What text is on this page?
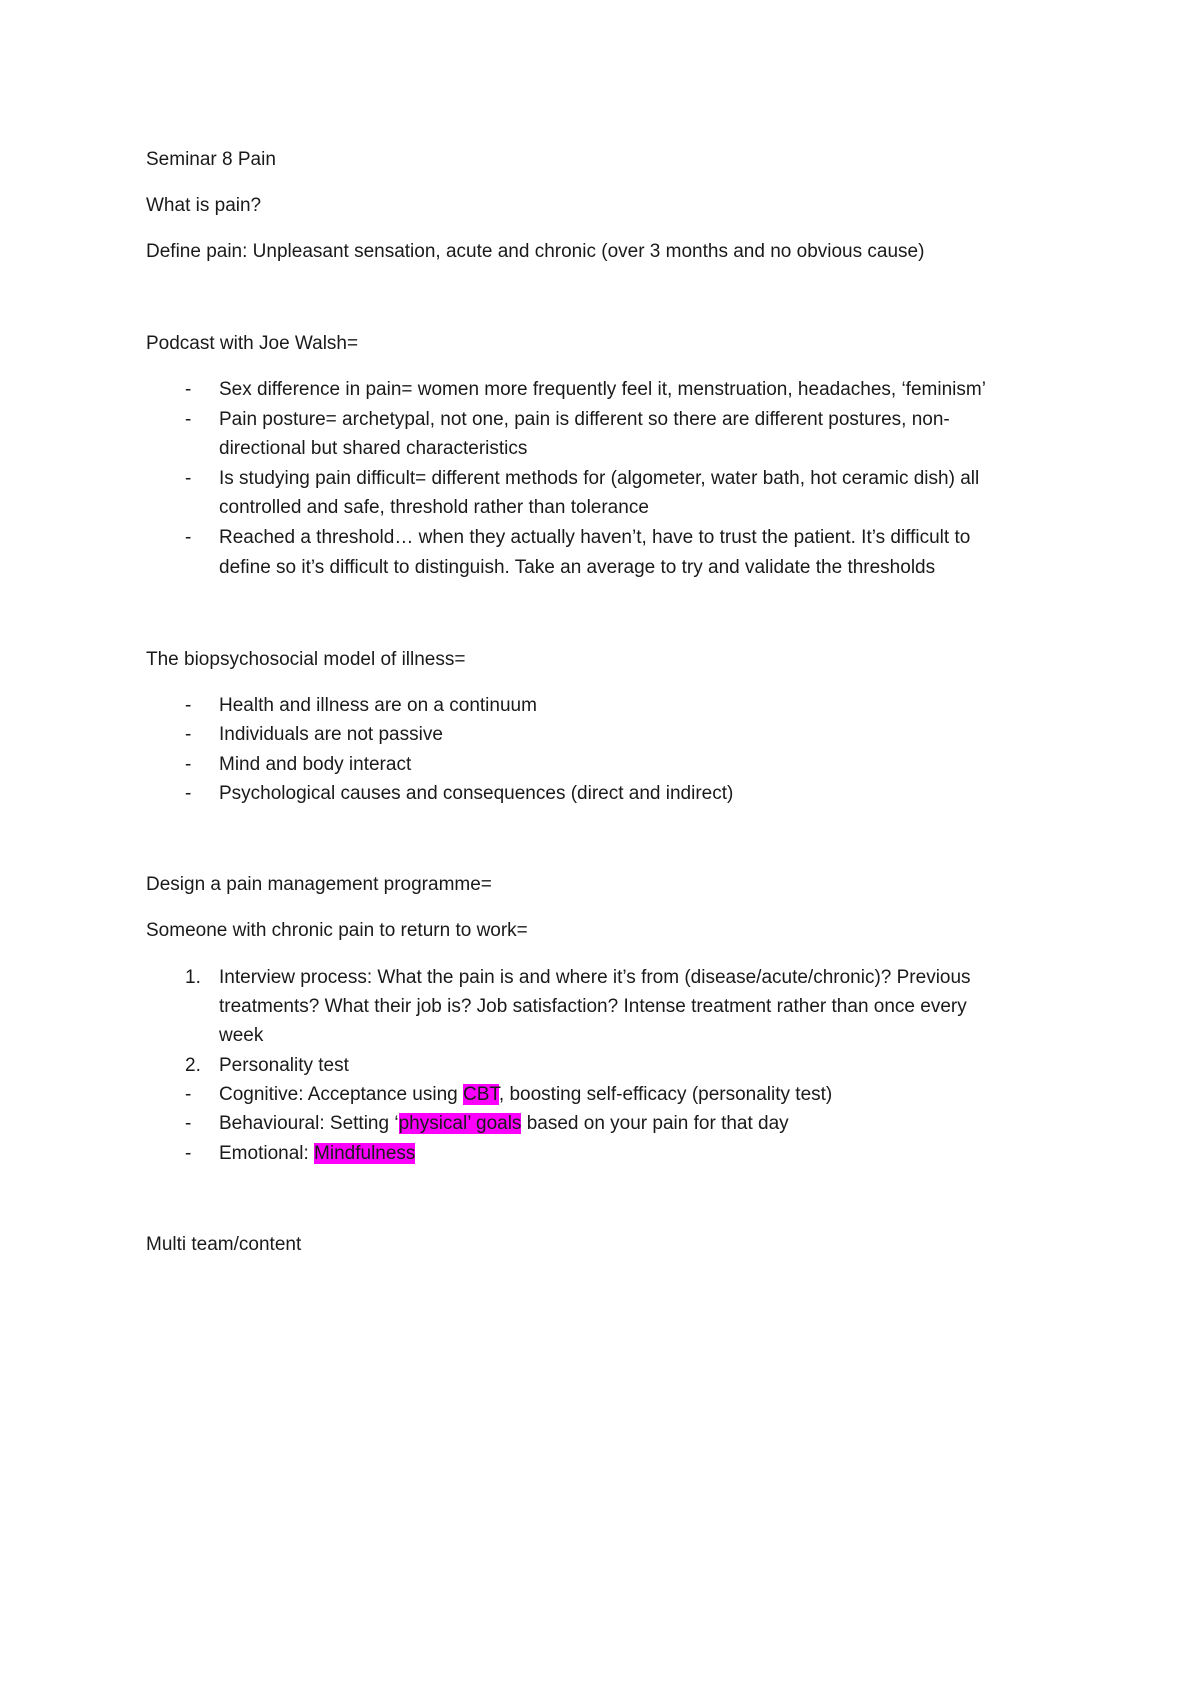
Seminar 8 Pain
What is pain?
Define pain: Unpleasant sensation, acute and chronic (over 3 months and no obvious cause)
Podcast with Joe Walsh=
-	Sex difference in pain= women more frequently feel it, menstruation, headaches, ‘feminism’
-	Pain posture= archetypal, not one, pain is different so there are different postures, non-
directional but shared characteristics
-	Is studying pain difficult= different methods for (algometer, water bath, hot ceramic dish) all
controlled and safe, threshold rather than tolerance
-	Reached a threshold… when they actually haven’t, have to trust the patient. It’s difficult to
define so it’s difficult to distinguish. Take an average to try and validate the thresholds
The biopsychosocial model of illness=
-	Health and illness are on a continuum
-	Individuals are not passive
-	Mind and body interact
-	Psychological causes and consequences (direct and indirect)
Design a pain management programme=
Someone with chronic pain to return to work=
1. Interview process: What the pain is and where it’s from (disease/acute/chronic)? Previous
treatments? What their job is? Job satisfaction? Intense treatment rather than once every
week
2. Personality test
-	Cognitive: Acceptance using CBT, boosting self-efficacy (personality test)
-	Behavioural: Setting ‘physical’ goals based on your pain for that day
-	Emotional: Mindfulness
Multi team/content
